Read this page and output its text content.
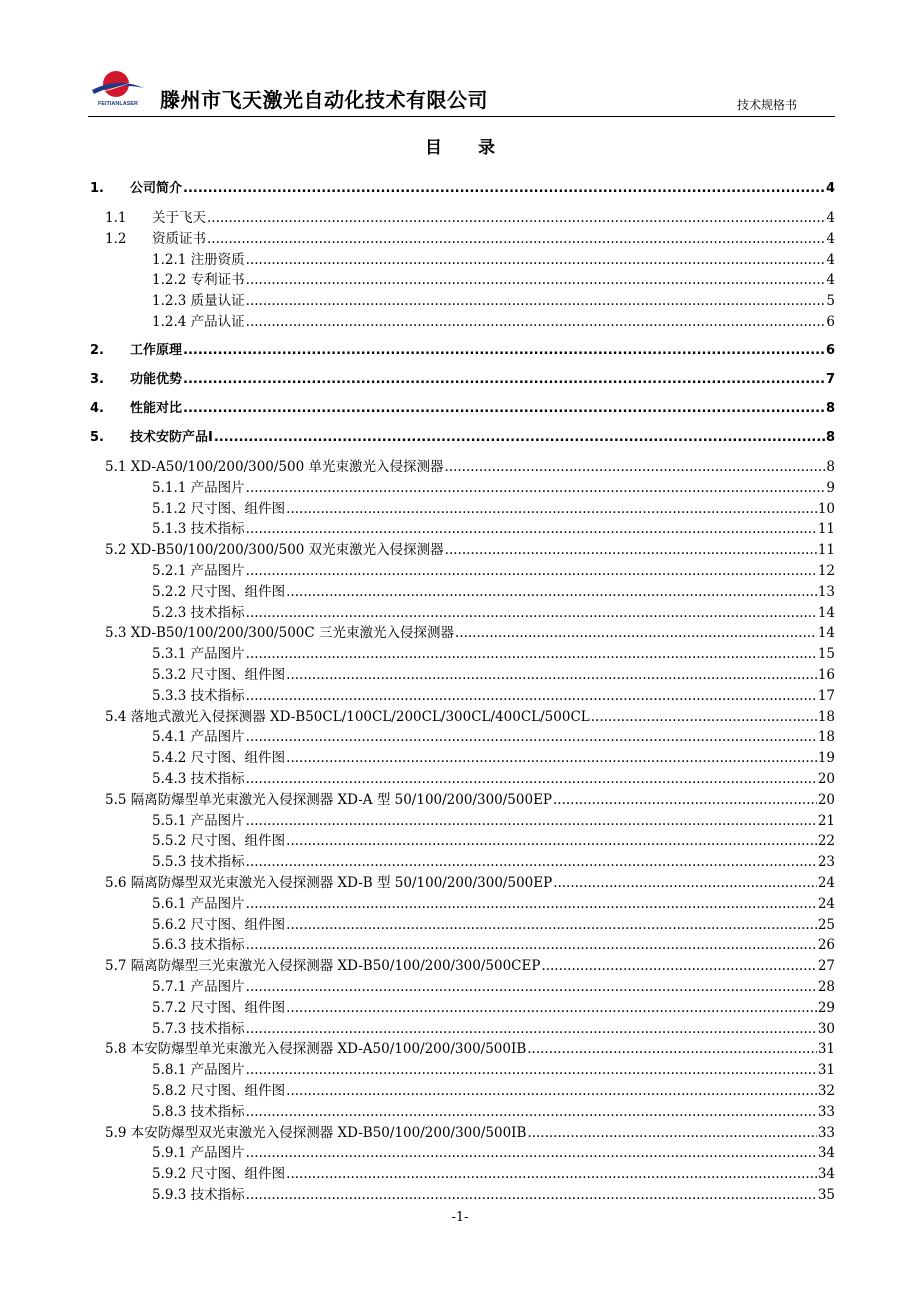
FEITIANLASER 滕州市飞天激光自动化技术有限公司	技术规格书
目录
1.	公司简介 .....	4
1.1	关于飞天 .....	4
1.2	资质证书 .....	4
1.2.1 注册资质 .....	4
1.2.2 专利证书 .....	4
1.2.3 质量认证 .....	5
1.2.4 产品认证 .....	6
2.	工作原理 .....	6
3.	功能优势 .....	7
4.	性能对比 .....	8
5.	技术安防产品Ⅰ .....	8
5.1 XD-A50/100/200/300/500 单光束激光入侵探测器 .....	8
5.1.1 产品图片 .....	9
5.1.2 尺寸图、组件图 .....	10
5.1.3 技术指标 .....	11
5.2 XD-B50/100/200/300/500 双光束激光入侵探测器 .....	11
5.2.1 产品图片 .....	12
5.2.2 尺寸图、组件图 .....	13
5.2.3 技术指标 .....	14
5.3 XD-B50/100/200/300/500C 三光束激光入侵探测器 .....	14
5.3.1 产品图片 .....	15
5.3.2 尺寸图、组件图 .....	16
5.3.3 技术指标 .....	17
5.4 落地式激光入侵探测器 XD-B50CL/100CL/200CL/300CL/400CL/500CL .....	18
5.4.1 产品图片 .....	18
5.4.2 尺寸图、组件图 .....	19
5.4.3 技术指标 .....	20
5.5 隔离防爆型单光束激光入侵探测器 XD-A 型 50/100/200/300/500EP .....	20
5.5.1 产品图片 .....	21
5.5.2 尺寸图、组件图 .....	22
5.5.3 技术指标 .....	23
5.6 隔离防爆型双光束激光入侵探测器 XD-B 型 50/100/200/300/500EP .....	24
5.6.1 产品图片 .....	24
5.6.2 尺寸图、组件图 .....	25
5.6.3 技术指标 .....	26
5.7 隔离防爆型三光束激光入侵探测器 XD-B50/100/200/300/500CEP .....	27
5.7.1 产品图片 .....	28
5.7.2 尺寸图、组件图 .....	29
5.7.3 技术指标 .....	30
5.8 本安防爆型单光束激光入侵探测器 XD-A50/100/200/300/500IB .....	31
5.8.1 产品图片 .....	31
5.8.2 尺寸图、组件图 .....	32
5.8.3 技术指标 .....	33
5.9 本安防爆型双光束激光入侵探测器 XD-B50/100/200/300/500IB .....	33
5.9.1 产品图片 .....	34
5.9.2 尺寸图、组件图 .....	34
5.9.3 技术指标 .....	35
-1-
